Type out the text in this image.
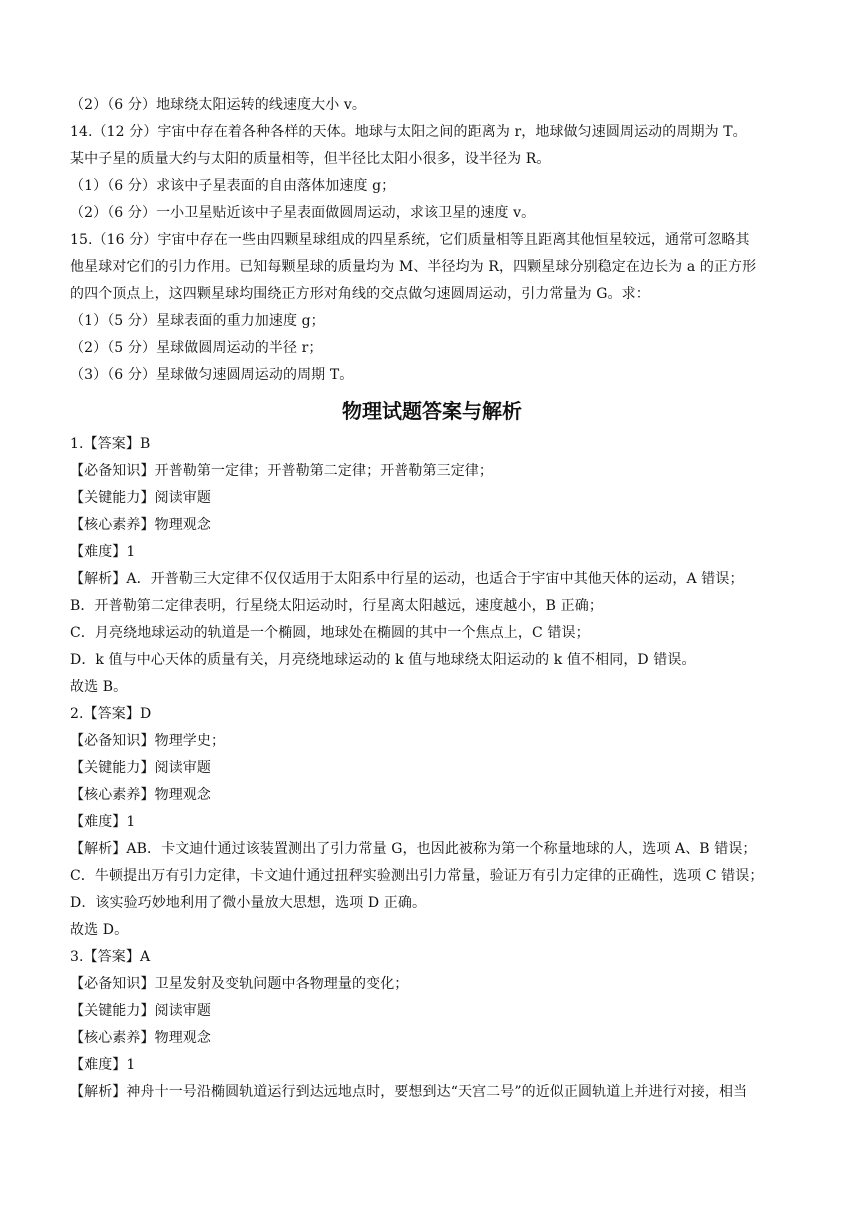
（2）（6 分）地球绕太阳运转的线速度大小 v。
14.（12 分）宇宙中存在着各种各样的天体。地球与太阳之间的距离为 r，地球做匀速圆周运动的周期为 T。
某中子星的质量大约与太阳的质量相等，但半径比太阳小很多，设半径为 R。
（1）（6 分）求该中子星表面的自由落体加速度 g；
（2）（6 分）一小卫星贴近该中子星表面做圆周运动，求该卫星的速度 v。
15.（16 分）宇宙中存在一些由四颗星球组成的四星系统，它们质量相等且距离其他恒星较远，通常可忽略其
他星球对它们的引力作用。已知每颗星球的质量均为 M、半径均为 R，四颗星球分别稳定在边长为 a 的正方形
的四个顶点上，这四颗星球均围绕正方形对角线的交点做匀速圆周运动，引力常量为 G。求：
（1）（5 分）星球表面的重力加速度 g；
（2）（5 分）星球做圆周运动的半径 r；
（3）（6 分）星球做匀速圆周运动的周期 T。
物理试题答案与解析
1.【答案】B
【必备知识】开普勒第一定律；开普勒第二定律；开普勒第三定律；
【关键能力】阅读审题
【核心素养】物理观念
【难度】1
【解析】A．开普勒三大定律不仅仅适用于太阳系中行星的运动，也适合于宇宙中其他天体的运动，A 错误；
B．开普勒第二定律表明，行星绕太阳运动时，行星离太阳越远，速度越小，B 正确；
C．月亮绕地球运动的轨道是一个椭圆，地球处在椭圆的其中一个焦点上，C 错误；
D．k 值与中心天体的质量有关，月亮绕地球运动的 k 值与地球绕太阳运动的 k 值不相同，D 错误。
故选 B。
2.【答案】D
【必备知识】物理学史；
【关键能力】阅读审题
【核心素养】物理观念
【难度】1
【解析】AB．卡文迪什通过该装置测出了引力常量 G，也因此被称为第一个称量地球的人，选项 A、B 错误；
C．牛顿提出万有引力定律，卡文迪什通过扭秤实验测出引力常量，验证万有引力定律的正确性，选项 C 错误；
D．该实验巧妙地利用了微小量放大思想，选项 D 正确。
故选 D。
3.【答案】A
【必备知识】卫星发射及变轨问题中各物理量的变化；
【关键能力】阅读审题
【核心素养】物理观念
【难度】1
【解析】神舟十一号沿椭圆轨道运行到达远地点时，要想到达“天宫二号”的近似正圆轨道上并进行对接，相当
